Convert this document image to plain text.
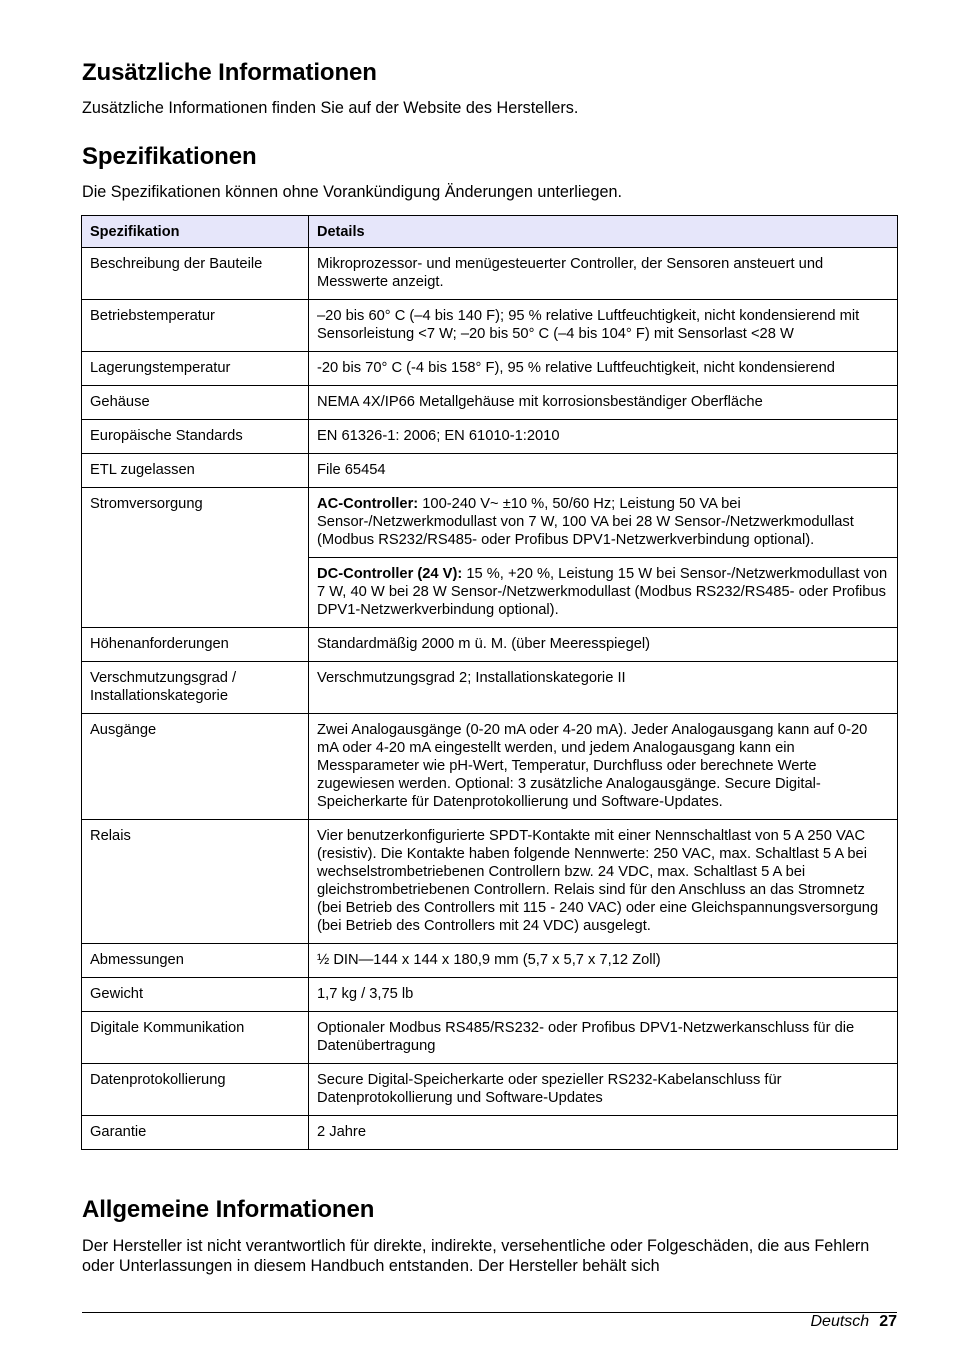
Zusätzliche Informationen

Zusätzliche Informationen finden Sie auf der Website des Herstellers.

Spezifikationen

Die Spezifikationen können ohne Vorankündigung Änderungen unterliegen.

Spezifikation	Details
Beschreibung der Bauteile	Mikroprozessor- und menügesteuerter Controller, der Sensoren ansteuert und Messwerte anzeigt.
Betriebstemperatur	–20 bis 60° C (–4 bis 140 F); 95 % relative Luftfeuchtigkeit, nicht kondensierend mit Sensorleistung <7 W; –20 bis 50° C (–4 bis 104° F) mit Sensorlast <28 W
Lagerungstemperatur	-20 bis 70° C (-4 bis 158° F), 95 % relative Luftfeuchtigkeit, nicht kondensierend
Gehäuse	NEMA 4X/IP66 Metallgehäuse mit korrosionsbeständiger Oberfläche
Europäische Standards	EN 61326-1: 2006; EN 61010-1:2010
ETL zugelassen	File 65454
Stromversorgung	AC-Controller: 100-240 V~ ±10 %, 50/60 Hz; Leistung 50 VA bei Sensor-/Netzwerkmodullast von 7 W, 100 VA bei 28 W Sensor-/Netzwerkmodullast (Modbus RS232/RS485- oder Profibus DPV1-Netzwerkverbindung optional).
	DC-Controller (24 V): 15 %, +20 %, Leistung 15 W bei Sensor-/Netzwerkmodullast von 7 W, 40 W bei 28 W Sensor-/Netzwerkmodullast (Modbus RS232/RS485- oder Profibus DPV1-Netzwerkverbindung optional).
Höhenanforderungen	Standardmäßig 2000 m ü. M. (über Meeresspiegel)
Verschmutzungsgrad / Installationskategorie	Verschmutzungsgrad 2; Installationskategorie II
Ausgänge	Zwei Analogausgänge (0-20 mA oder 4-20 mA). Jeder Analogausgang kann auf 0-20 mA oder 4-20 mA eingestellt werden, und jedem Analogausgang kann ein Messparameter wie pH-Wert, Temperatur, Durchfluss oder berechnete Werte zugewiesen werden. Optional: 3 zusätzliche Analogausgänge. Secure Digital-Speicherkarte für Datenprotokollierung und Software-Updates.
Relais	Vier benutzerkonfigurierte SPDT-Kontakte mit einer Nennschaltlast von 5 A 250 VAC (resistiv). Die Kontakte haben folgende Nennwerte: 250 VAC, max. Schaltlast 5 A bei wechselstrombetriebenen Controllern bzw. 24 VDC, max. Schaltlast 5 A bei gleichstrombetriebenen Controllern. Relais sind für den Anschluss an das Stromnetz (bei Betrieb des Controllers mit 115 - 240 VAC) oder eine Gleichspannungsversorgung (bei Betrieb des Controllers mit 24 VDC) ausgelegt.
Abmessungen	½ DIN—144 x 144 x 180,9 mm (5,7 x 5,7 x 7,12 Zoll)
Gewicht	1,7 kg / 3,75 lb
Digitale Kommunikation	Optionaler Modbus RS485/RS232- oder Profibus DPV1-Netzwerkanschluss für die Datenübertragung
Datenprotokollierung	Secure Digital-Speicherkarte oder spezieller RS232-Kabelanschluss für Datenprotokollierung und Software-Updates
Garantie	2 Jahre
Allgemeine Informationen

Der Hersteller ist nicht verantwortlich für direkte, indirekte, versehentliche oder Folgeschäden, die aus Fehlern oder Unterlassungen in diesem Handbuch entstanden. Der Hersteller behält sich

Deutsch 27
